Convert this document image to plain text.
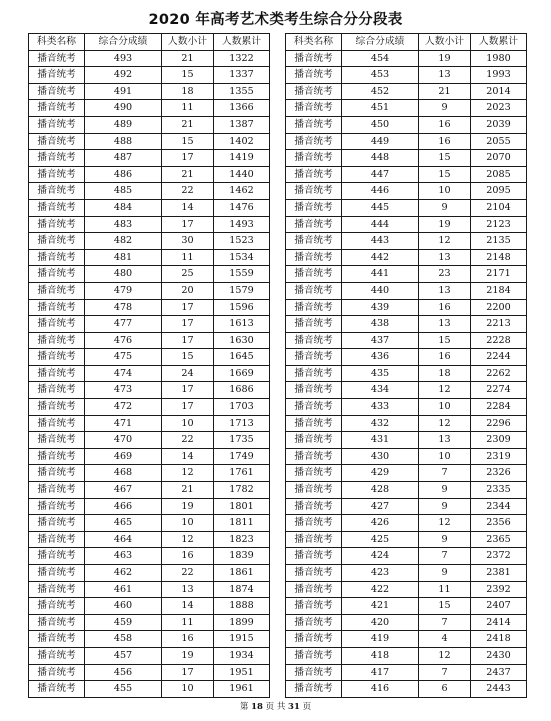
2020 年高考艺术类考生综合分分段表
科类名称	综合分成绩	人数小计	人数累计
播音统考	493	21	1322
播音统考	492	15	1337
播音统考	491	18	1355
播音统考	490	11	1366
播音统考	489	21	1387
播音统考	488	15	1402
播音统考	487	17	1419
播音统考	486	21	1440
播音统考	485	22	1462
播音统考	484	14	1476
播音统考	483	17	1493
播音统考	482	30	1523
播音统考	481	11	1534
播音统考	480	25	1559
播音统考	479	20	1579
播音统考	478	17	1596
播音统考	477	17	1613
播音统考	476	17	1630
播音统考	475	15	1645
播音统考	474	24	1669
播音统考	473	17	1686
播音统考	472	17	1703
播音统考	471	10	1713
播音统考	470	22	1735
播音统考	469	14	1749
播音统考	468	12	1761
播音统考	467	21	1782
播音统考	466	19	1801
播音统考	465	10	1811
播音统考	464	12	1823
播音统考	463	16	1839
播音统考	462	22	1861
播音统考	461	13	1874
播音统考	460	14	1888
播音统考	459	11	1899
播音统考	458	16	1915
播音统考	457	19	1934
播音统考	456	17	1951
播音统考	455	10	1961
科类名称	综合分成绩	人数小计	人数累计
播音统考	454	19	1980
播音统考	453	13	1993
播音统考	452	21	2014
播音统考	451	9	2023
播音统考	450	16	2039
播音统考	449	16	2055
播音统考	448	15	2070
播音统考	447	15	2085
播音统考	446	10	2095
播音统考	445	9	2104
播音统考	444	19	2123
播音统考	443	12	2135
播音统考	442	13	2148
播音统考	441	23	2171
播音统考	440	13	2184
播音统考	439	16	2200
播音统考	438	13	2213
播音统考	437	15	2228
播音统考	436	16	2244
播音统考	435	18	2262
播音统考	434	12	2274
播音统考	433	10	2284
播音统考	432	12	2296
播音统考	431	13	2309
播音统考	430	10	2319
播音统考	429	7	2326
播音统考	428	9	2335
播音统考	427	9	2344
播音统考	426	12	2356
播音统考	425	9	2365
播音统考	424	7	2372
播音统考	423	9	2381
播音统考	422	11	2392
播音统考	421	15	2407
播音统考	420	7	2414
播音统考	419	4	2418
播音统考	418	12	2430
播音统考	417	7	2437
播音统考	416	6	2443
第 18 页 共 31 页
